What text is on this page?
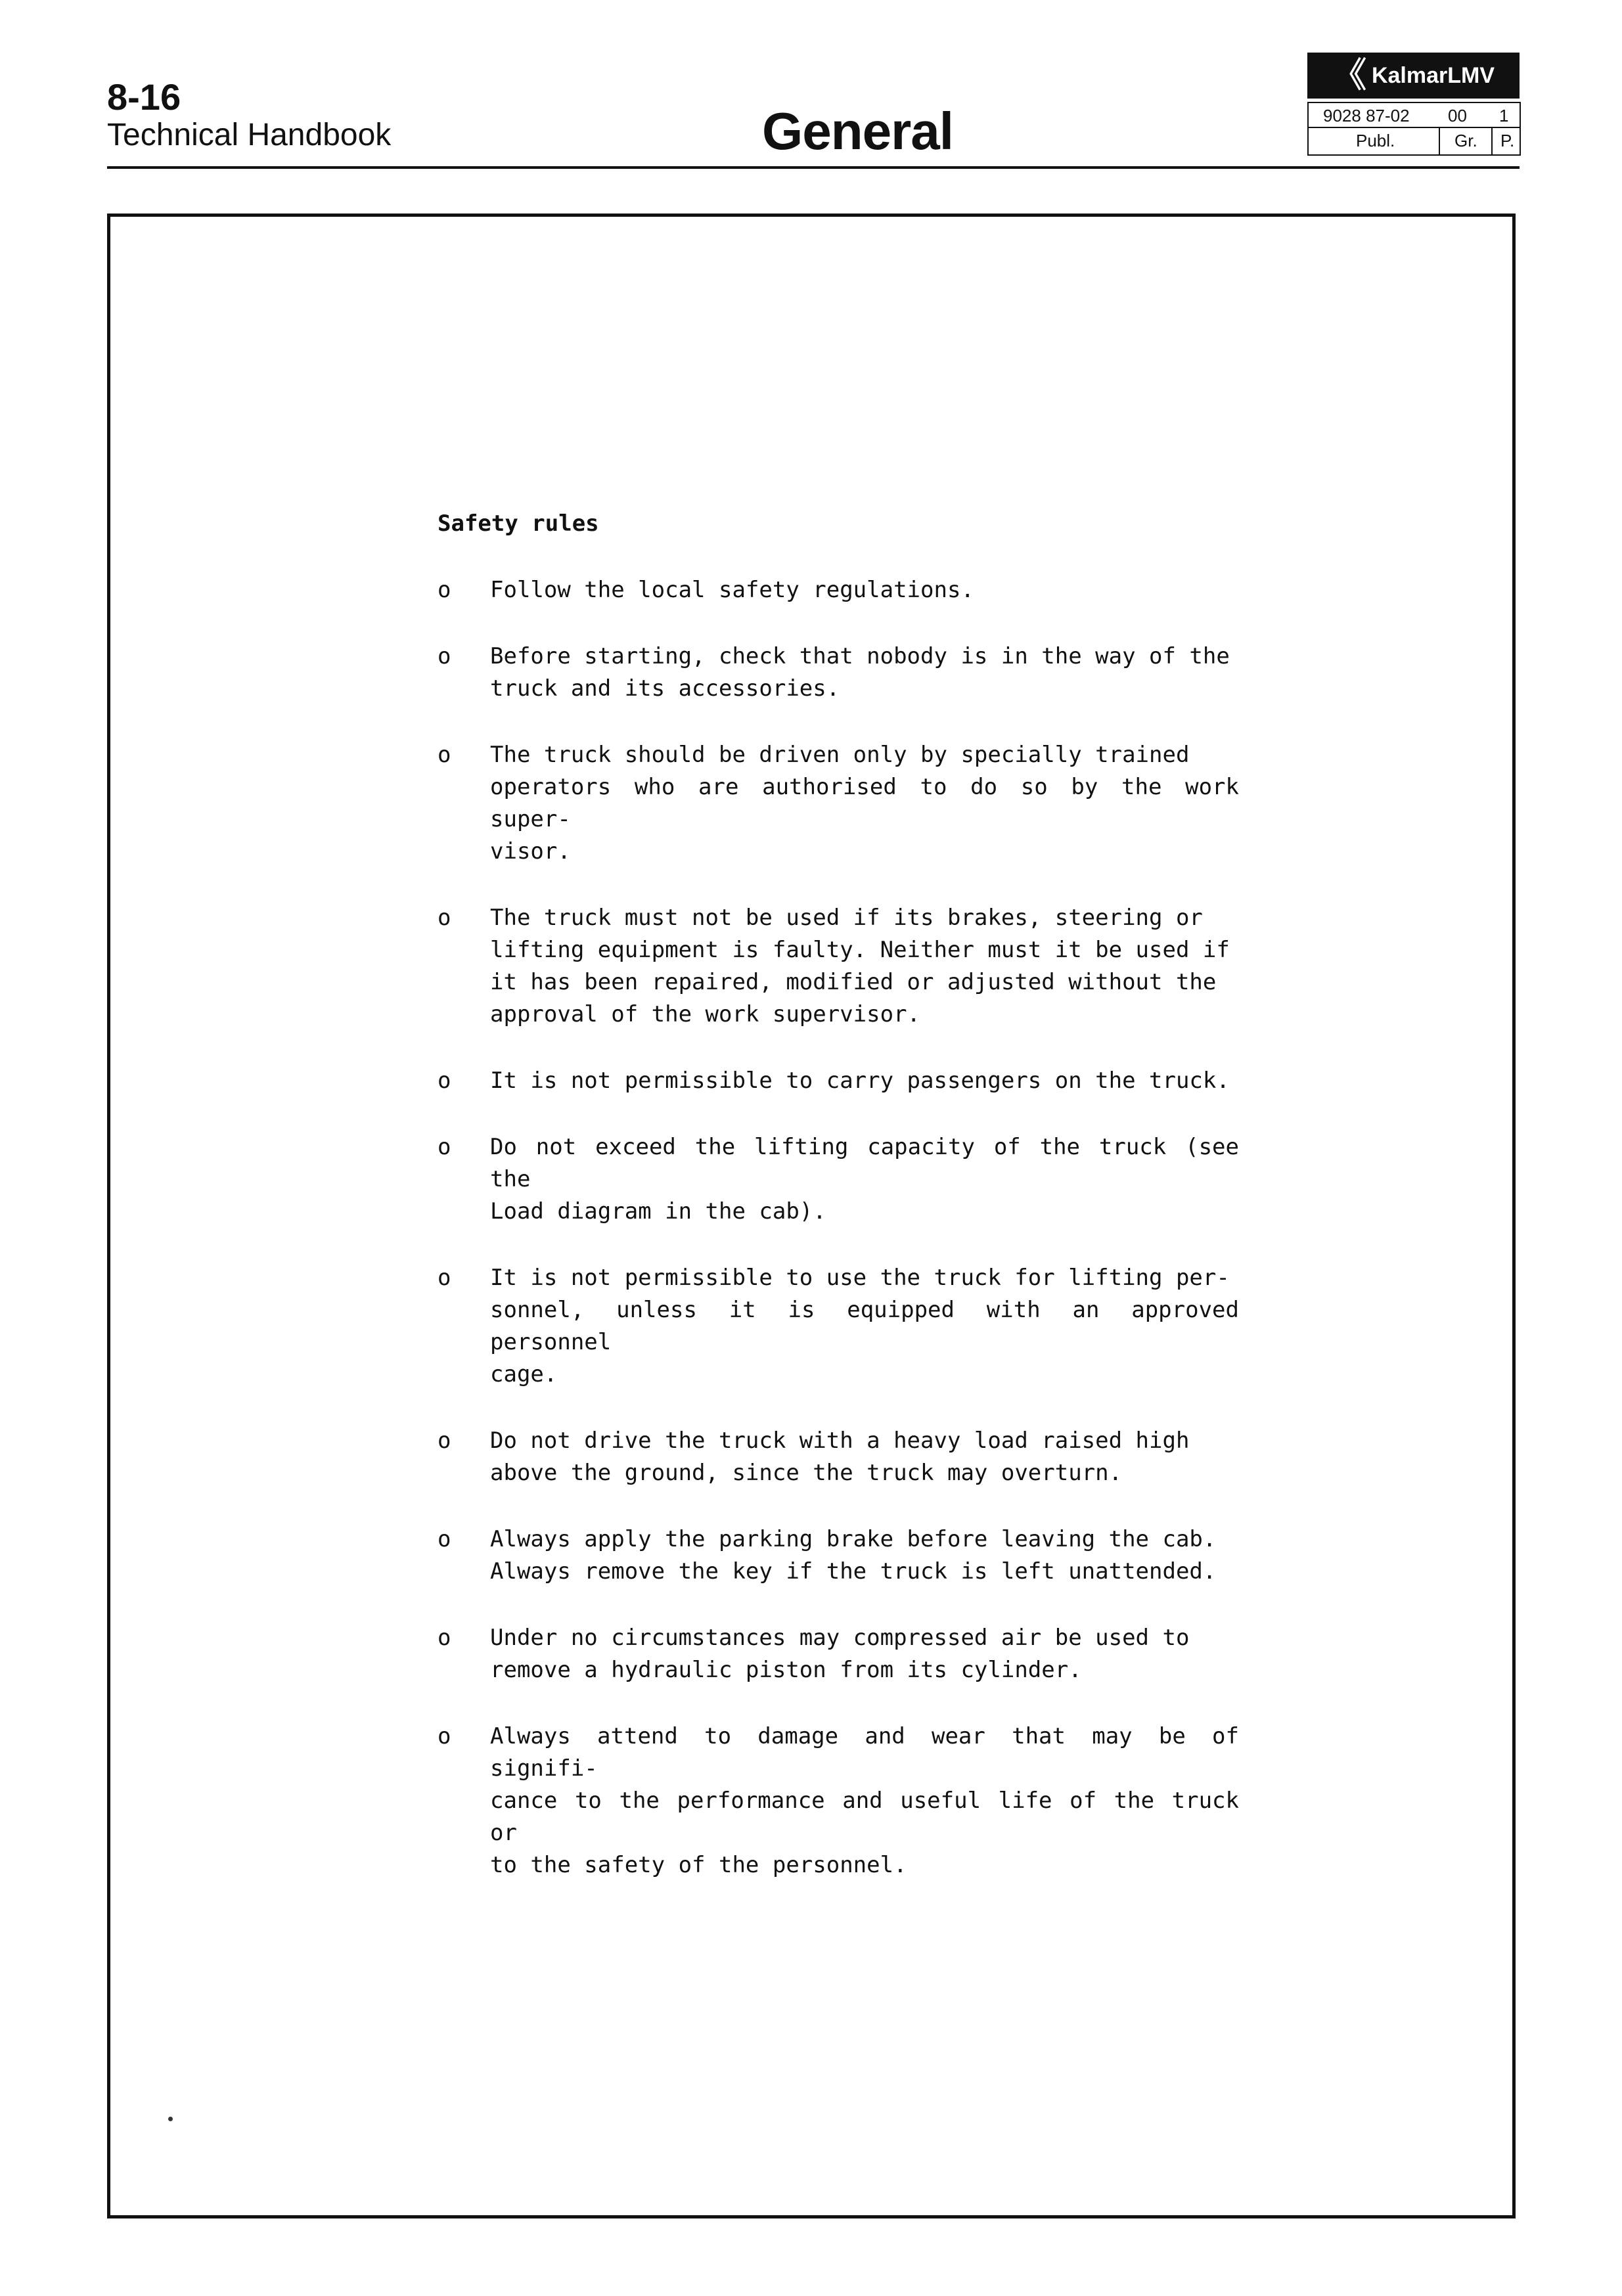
8-16
Technical Handbook	General
《 KalmarLMV
9028 87-02 00 1
Publ.	Gr. P.
Safety rules
o	Follow the local safety regulations.
o	Before starting, check that nobody is in the way of the
truck and its accessories.
o	The truck should be driven only by specially trained
operators who are authorised to do so by the work super-
visor.
o	The truck must not be used if its brakes, steering or
lifting equipment is faulty. Neither must it be used if
it has been repaired, modified or adjusted without the
approval of the work supervisor.
o	It is not permissible to carry passengers on the truck.
o	Do not exceed the lifting capacity of the truck (see the
Load diagram in the cab).
o	It is not permissible to use the truck for lifting per-
sonnel, unless it is equipped with an approved personnel
cage.
o	Do not drive the truck with a heavy load raised high
above the ground, since the truck may overturn.
o	Always apply the parking brake before leaving the cab.
Always remove the key if the truck is left unattended.
o	Under no circumstances may compressed air be used to
remove a hydraulic piston from its cylinder.
o	Always attend to damage and wear that may be of signifi-
cance to the performance and useful life of the truck or
to the safety of the personnel.
